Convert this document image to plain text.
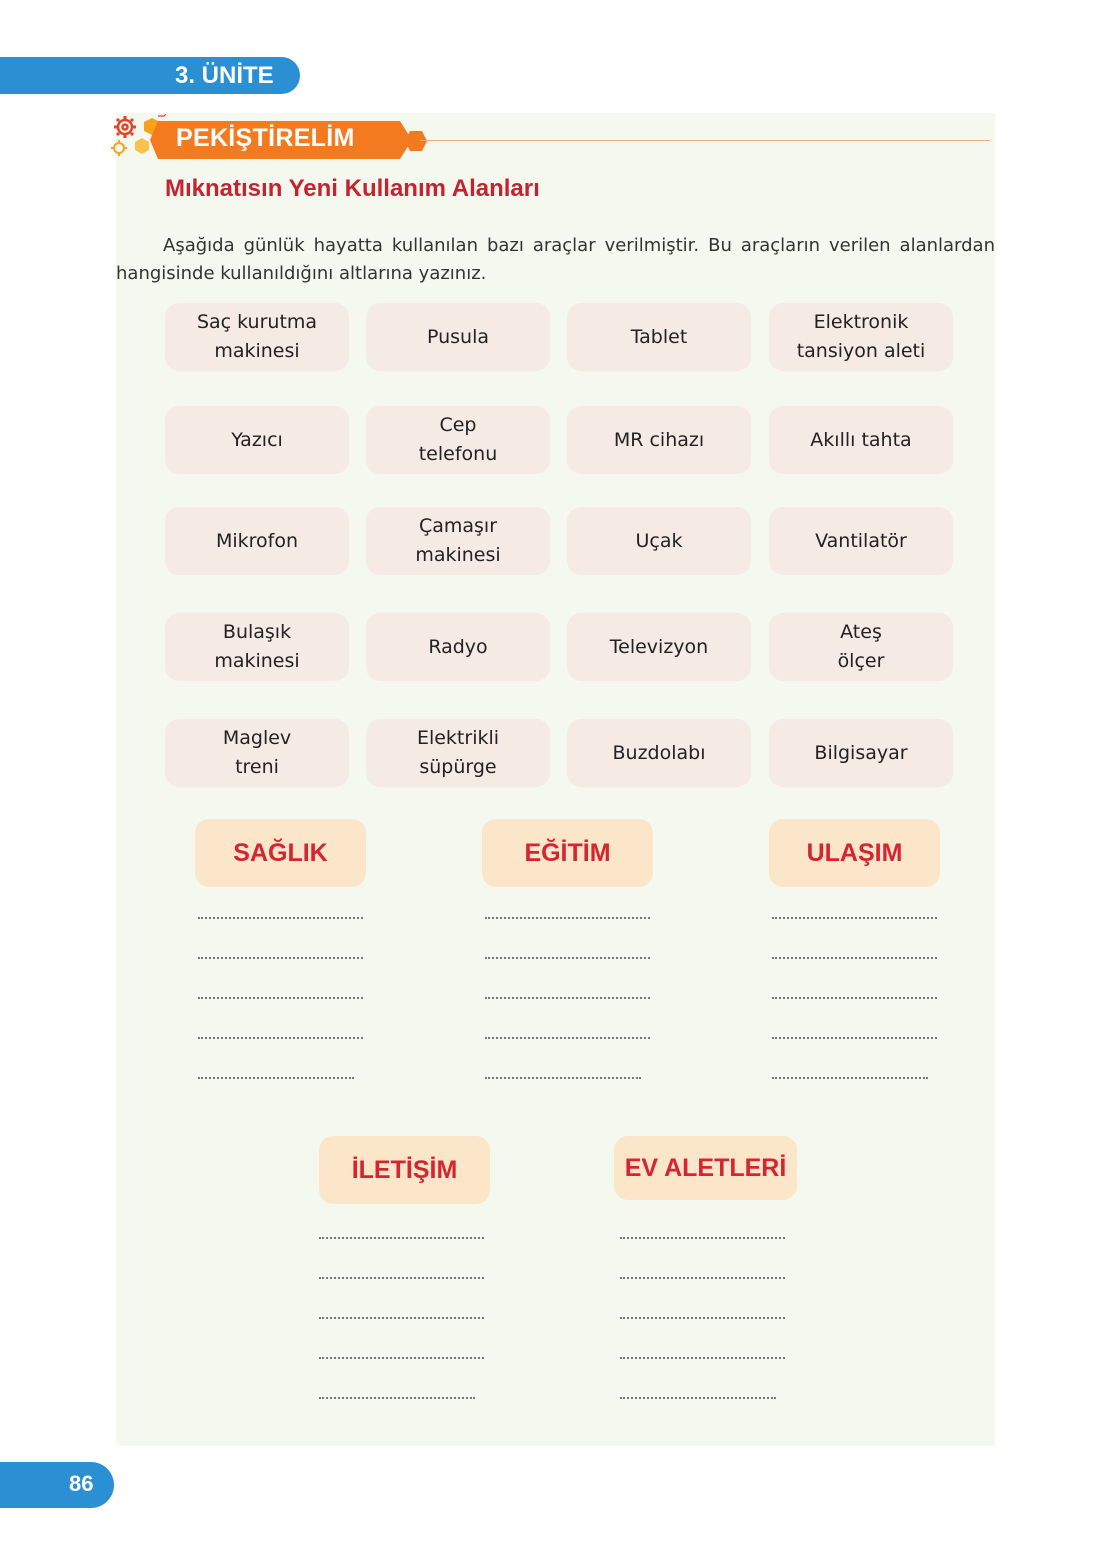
3. ÜNİTE
PEKİŞTİRELİM
Mıknatısın Yeni Kullanım Alanları
Aşağıda günlük hayatta kullanılan bazı araçlar verilmiştir. Bu araçların verilen alanlardan hangisinde kullanıldığını altlarına yazınız.
Saç kurutma
makinesi
Pusula	Tablet
Elektronik
tansiyon aleti
Yazıcı
Cep
telefonu
MR cihazı	Akıllı tahta
Mikrofon
Çamaşır
makinesi
Uçak	Vantilatör
Bulaşık
makinesi
Radyo	Televizyon
Ateş
ölçer
Maglev
treni
Elektrikli
süpürge
Buzdolabı	Bilgisayar
SAĞLIK	EĞİTİM	ULAŞIM
İLETİŞİM	EV ALETLERİ
86
